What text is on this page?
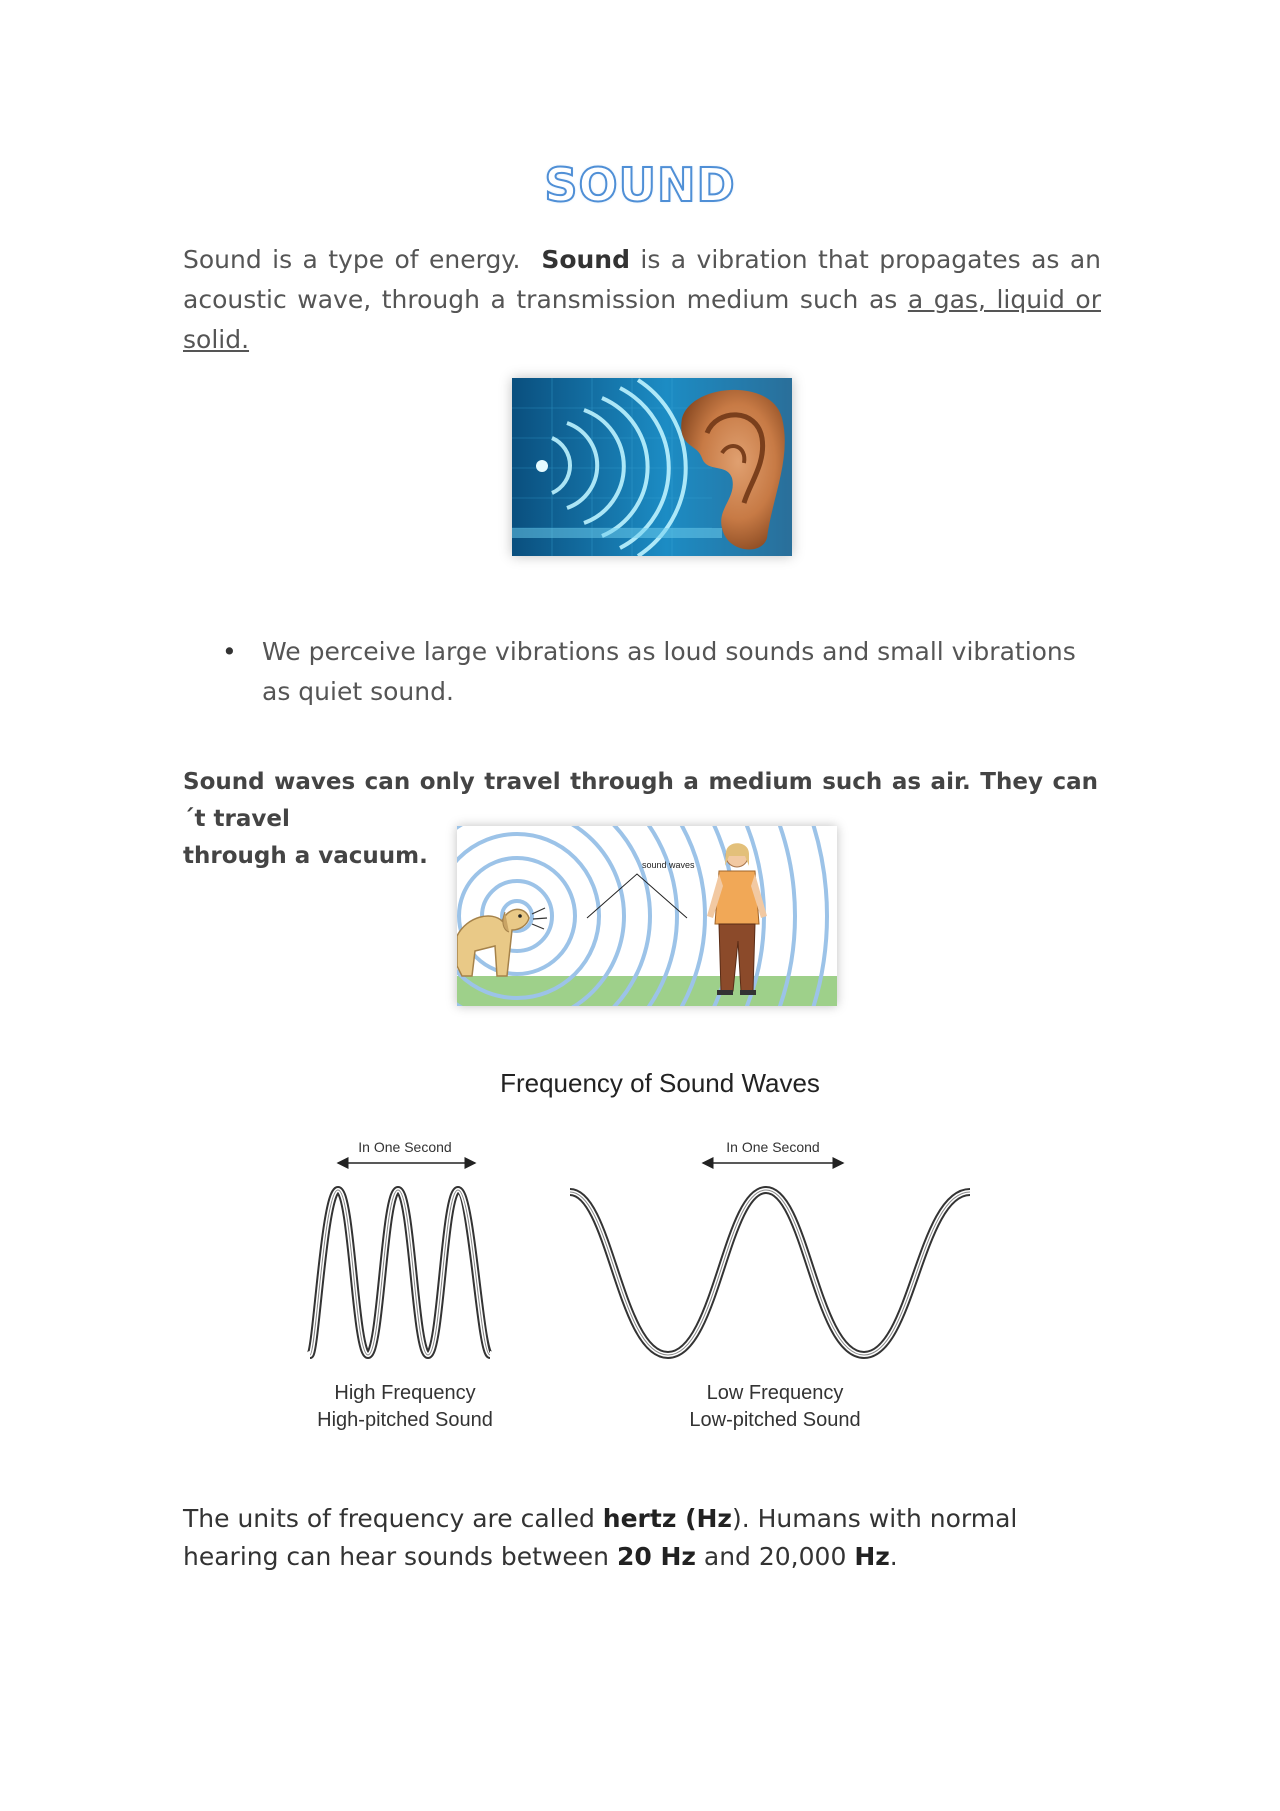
SOUND
Sound is a type of energy. Sound is a vibration that propagates as an acoustic wave, through a transmission medium such as a gas, liquid or solid.
• We perceive large vibrations as loud sounds and small vibrations as quiet sound.
Sound waves can only travel through a medium such as air. They can´t travel
through a vacuum.	sound waves
Frequency of Sound Waves
In One Second	In One Second
High Frequency
High-pitched Sound
Low Frequency
Low-pitched Sound
The units of frequency are called hertz (Hz). Humans with normal hearing can hear sounds between 20 Hz and 20,000 Hz.
